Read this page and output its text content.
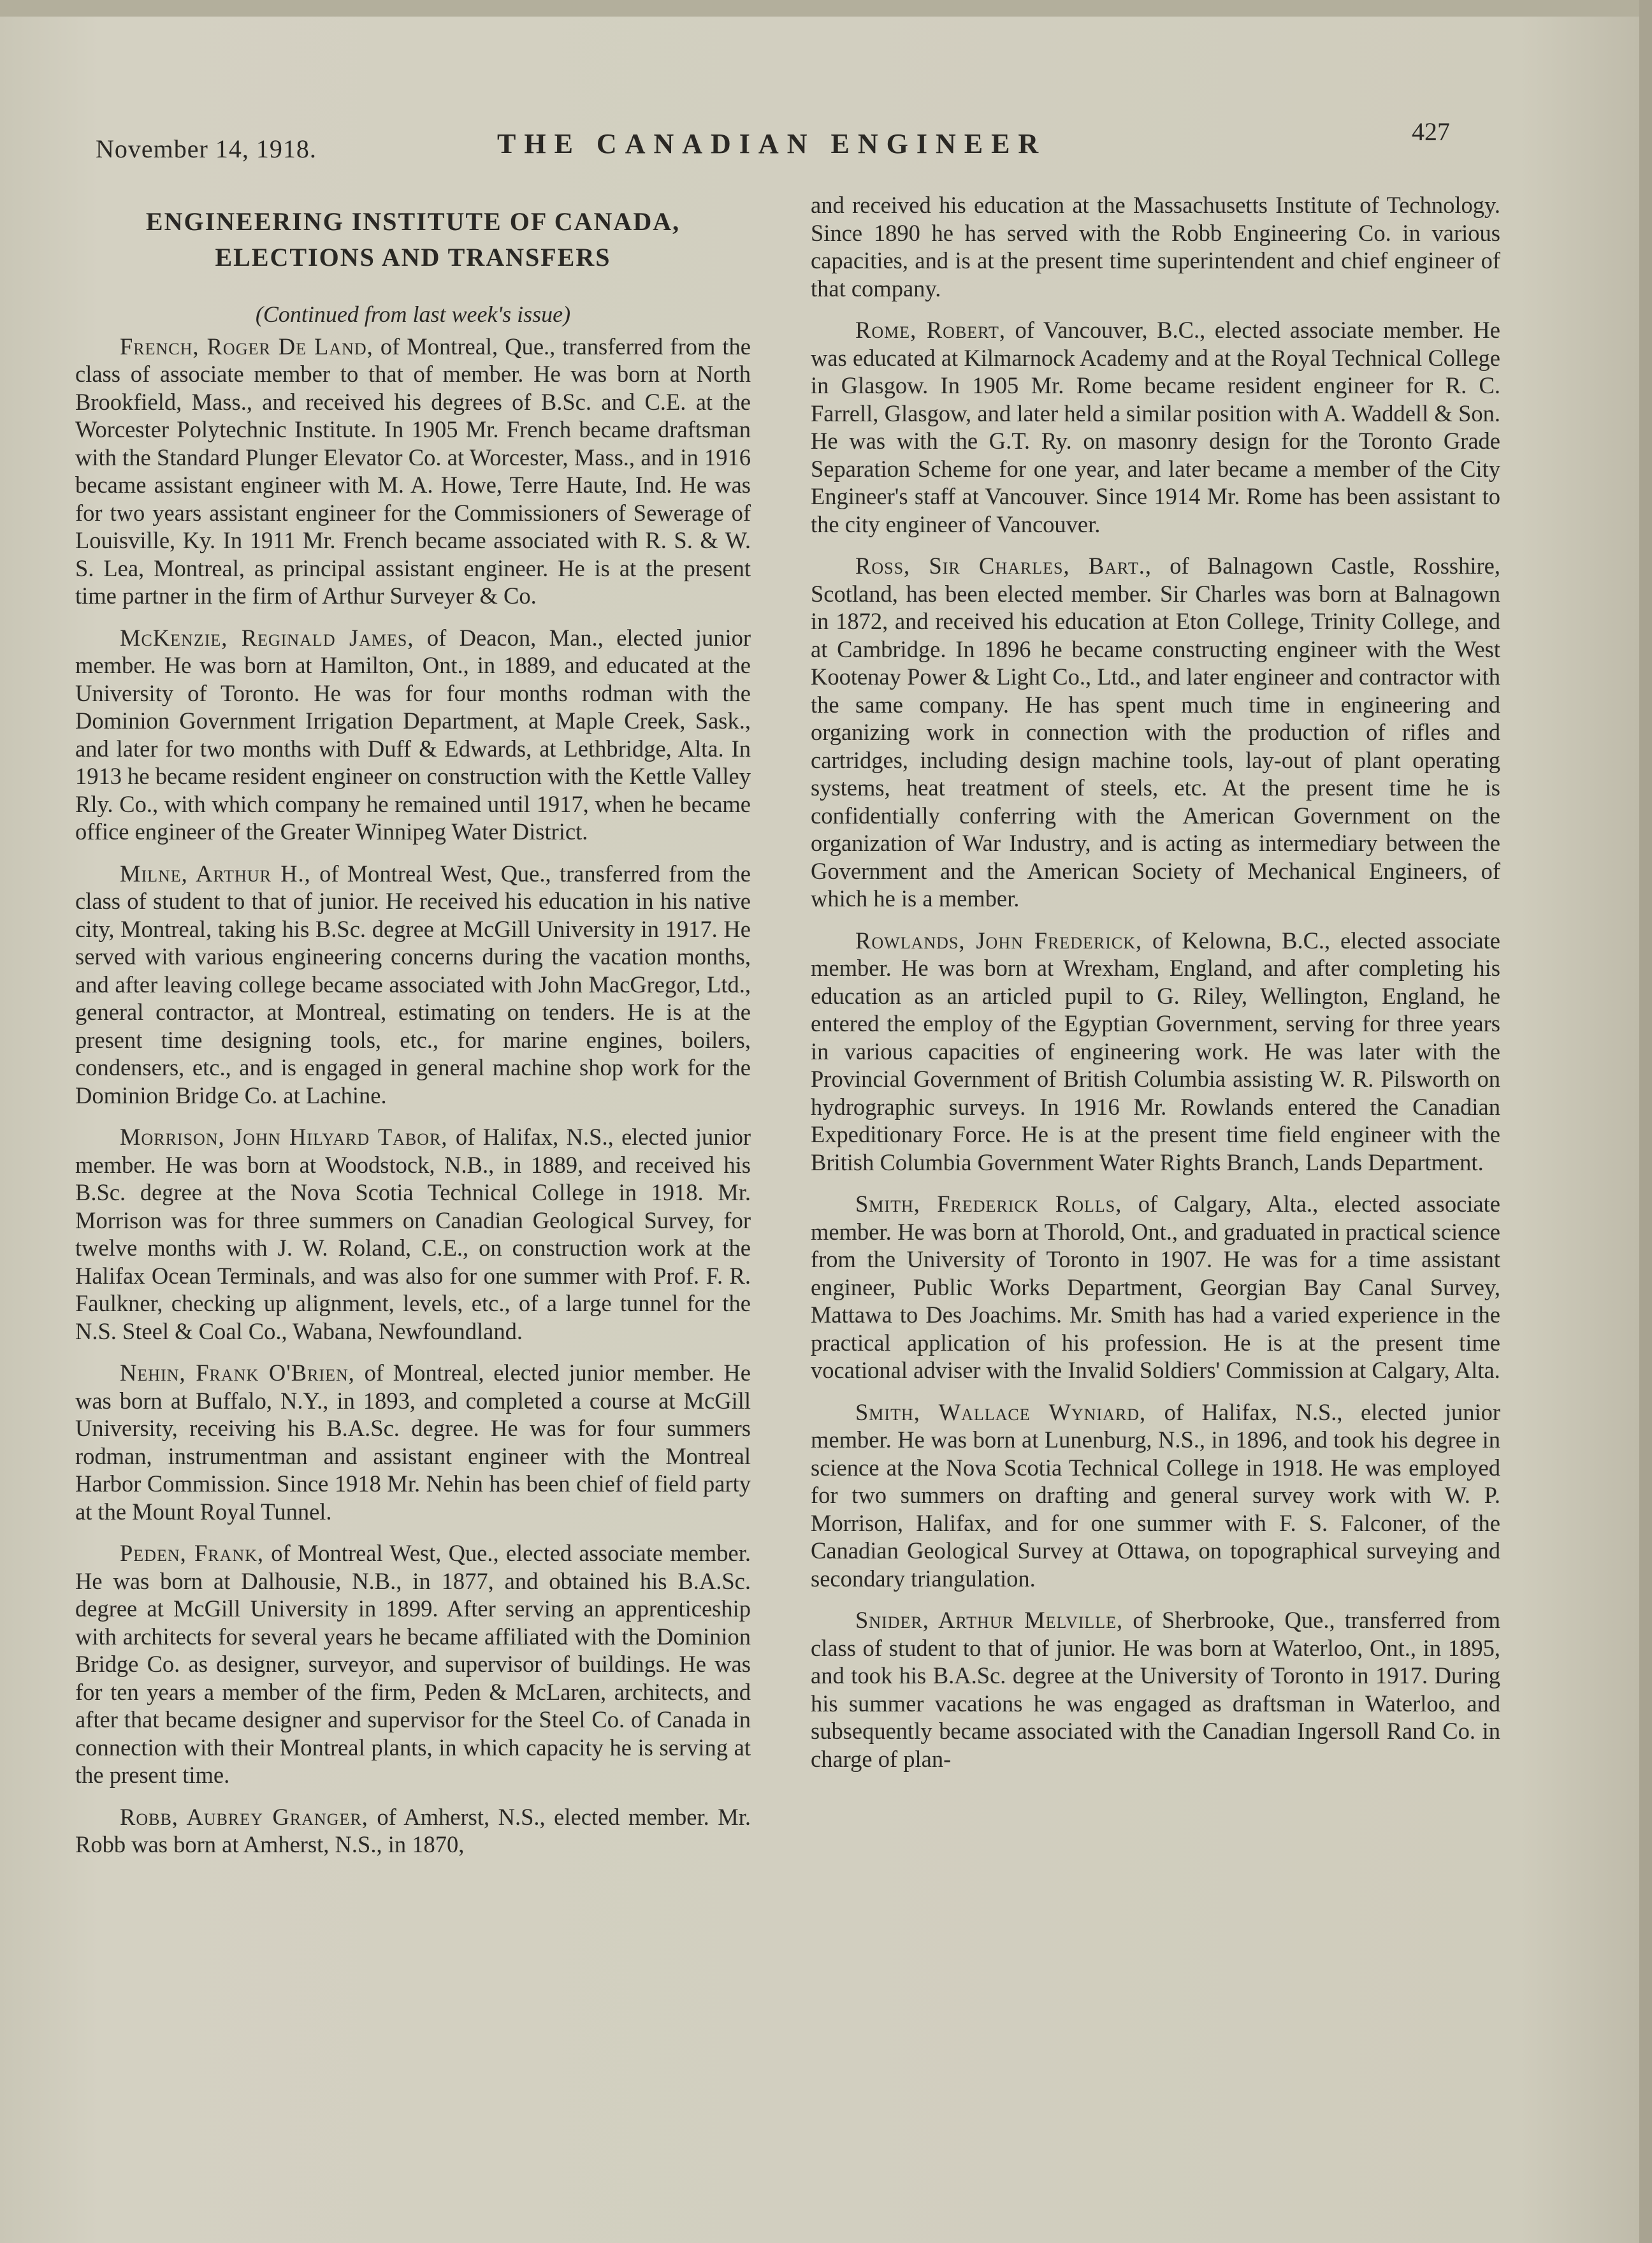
November 14, 1918.	THE CANADIAN ENGINEER	427
ENGINEERING INSTITUTE OF CANADA,
ELECTIONS AND TRANSFERS
(Continued from last week's issue)

French, Roger De Land, of Montreal, Que., transferred from the class of associate member to that of member. He was born at North Brookfield, Mass., and received his degrees of B.Sc. and C.E. at the Worcester Polytechnic Institute. In 1905 Mr. French became draftsman with the Standard Plunger Elevator Co. at Worcester, Mass., and in 1916 became assistant engineer with M. A. Howe, Terre Haute, Ind. He was for two years assistant engineer for the Commissioners of Sewerage of Louisville, Ky. In 1911 Mr. French became associated with R. S. & W. S. Lea, Montreal, as principal assistant engineer. He is at the present time partner in the firm of Arthur Surveyer & Co.

McKenzie, Reginald James, of Deacon, Man., elected junior member. He was born at Hamilton, Ont., in 1889, and educated at the University of Toronto. He was for four months rodman with the Dominion Government Irrigation Department, at Maple Creek, Sask., and later for two months with Duff & Edwards, at Lethbridge, Alta. In 1913 he became resident engineer on construction with the Kettle Valley Rly. Co., with which company he remained until 1917, when he became office engineer of the Greater Winnipeg Water District.

Milne, Arthur H., of Montreal West, Que., transferred from the class of student to that of junior. He received his education in his native city, Montreal, taking his B.Sc. degree at McGill University in 1917. He served with various engineering concerns during the vacation months, and after leaving college became associated with John MacGregor, Ltd., general contractor, at Montreal, estimating on tenders. He is at the present time designing tools, etc., for marine engines, boilers, condensers, etc., and is engaged in general machine shop work for the Dominion Bridge Co. at Lachine.

Morrison, John Hilyard Tabor, of Halifax, N.S., elected junior member. He was born at Woodstock, N.B., in 1889, and received his B.Sc. degree at the Nova Scotia Technical College in 1918. Mr. Morrison was for three summers on Canadian Geological Survey, for twelve months with J. W. Roland, C.E., on construction work at the Halifax Ocean Terminals, and was also for one summer with Prof. F. R. Faulkner, checking up alignment, levels, etc., of a large tunnel for the N.S. Steel & Coal Co., Wabana, Newfoundland.

Nehin, Frank O'Brien, of Montreal, elected junior member. He was born at Buffalo, N.Y., in 1893, and completed a course at McGill University, receiving his B.A.Sc. degree. He was for four summers rodman, instrumentman and assistant engineer with the Montreal Harbor Commission. Since 1918 Mr. Nehin has been chief of field party at the Mount Royal Tunnel.

Peden, Frank, of Montreal West, Que., elected associate member. He was born at Dalhousie, N.B., in 1877, and obtained his B.A.Sc. degree at McGill University in 1899. After serving an apprenticeship with architects for several years he became affiliated with the Dominion Bridge Co. as designer, surveyor, and supervisor of buildings. He was for ten years a member of the firm, Peden & McLaren, architects, and after that became designer and supervisor for the Steel Co. of Canada in connection with their Montreal plants, in which capacity he is serving at the present time.

Robb, Aubrey Granger, of Amherst, N.S., elected member. Mr. Robb was born at Amherst, N.S., in 1870,

and received his education at the Massachusetts Institute of Technology. Since 1890 he has served with the Robb Engineering Co. in various capacities, and is at the present time superintendent and chief engineer of that company.

Rome, Robert, of Vancouver, B.C., elected associate member. He was educated at Kilmarnock Academy and at the Royal Technical College in Glasgow. In 1905 Mr. Rome became resident engineer for R. C. Farrell, Glasgow, and later held a similar position with A. Waddell & Son. He was with the G.T. Ry. on masonry design for the Toronto Grade Separation Scheme for one year, and later became a member of the City Engineer's staff at Vancouver. Since 1914 Mr. Rome has been assistant to the city engineer of Vancouver.

Ross, Sir Charles, Bart., of Balnagown Castle, Rosshire, Scotland, has been elected member. Sir Charles was born at Balnagown in 1872, and received his education at Eton College, Trinity College, and at Cambridge. In 1896 he became constructing engineer with the West Kootenay Power & Light Co., Ltd., and later engineer and contractor with the same company. He has spent much time in engineering and organizing work in connection with the production of rifles and cartridges, including design machine tools, lay-out of plant operating systems, heat treatment of steels, etc. At the present time he is confidentially conferring with the American Government on the organization of War Industry, and is acting as intermediary between the Government and the American Society of Mechanical Engineers, of which he is a member.

Rowlands, John Frederick, of Kelowna, B.C., elected associate member. He was born at Wrexham, England, and after completing his education as an articled pupil to G. Riley, Wellington, England, he entered the employ of the Egyptian Government, serving for three years in various capacities of engineering work. He was later with the Provincial Government of British Columbia assisting W. R. Pilsworth on hydrographic surveys. In 1916 Mr. Rowlands entered the Canadian Expeditionary Force. He is at the present time field engineer with the British Columbia Government Water Rights Branch, Lands Department.

Smith, Frederick Rolls, of Calgary, Alta., elected associate member. He was born at Thorold, Ont., and graduated in practical science from the University of Toronto in 1907. He was for a time assistant engineer, Public Works Department, Georgian Bay Canal Survey, Mattawa to Des Joachims. Mr. Smith has had a varied experience in the practical application of his profession. He is at the present time vocational adviser with the Invalid Soldiers' Commission at Calgary, Alta.

Smith, Wallace Wyniard, of Halifax, N.S., elected junior member. He was born at Lunenburg, N.S., in 1896, and took his degree in science at the Nova Scotia Technical College in 1918. He was employed for two summers on drafting and general survey work with W. P. Morrison, Halifax, and for one summer with F. S. Falconer, of the Canadian Geological Survey at Ottawa, on topographical surveying and secondary triangulation.

Snider, Arthur Melville, of Sherbrooke, Que., transferred from class of student to that of junior. He was born at Waterloo, Ont., in 1895, and took his B.A.Sc. degree at the University of Toronto in 1917. During his summer vacations he was engaged as draftsman in Waterloo, and subsequently became associated with the Canadian Ingersoll Rand Co. in charge of plan-
